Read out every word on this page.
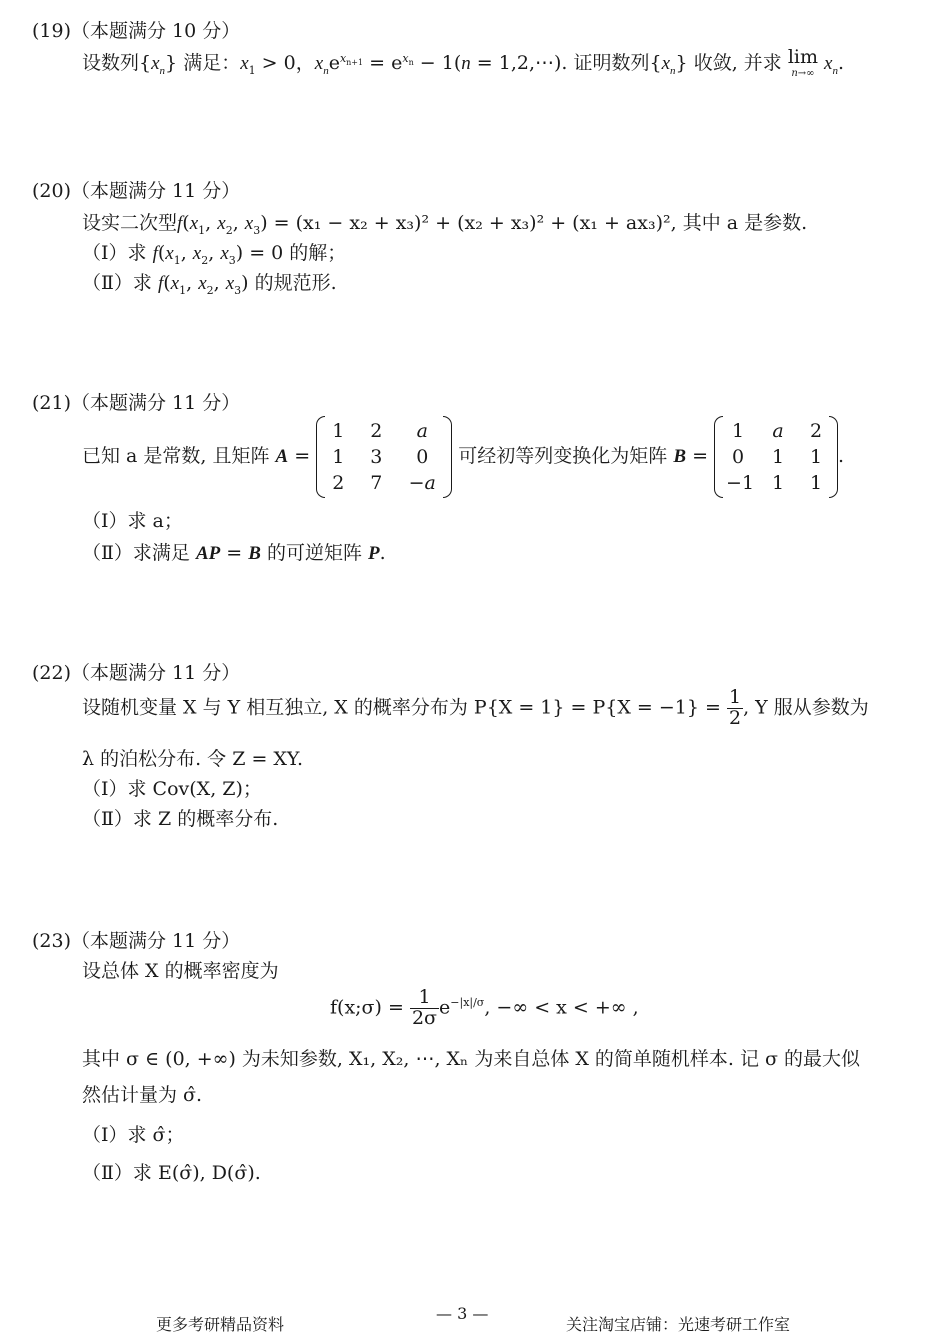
(19)（本题满分 10 分）
设数列$\{x_n\}$ 满足：$x_1 > 0$，$x_ne^{x_{n+1}} = e^{x_n} - 1(n$ = 1,2,⋯). 证明数列$\{x_n\}$ 收敛, 并求 lim
n→∞ $x_n$.
(20)（本题满分 11 分）
设实二次型$f(x_1$, $x_2$, $x_3) = (x_1 - x_2 + x_3)^2 + (x_2 + x_3)^2 + (x_1 + ax_3)^2$, 其中 a 是参数.
（Ⅰ）求 $f(x_1$, $x_2$, $x_3) = 0$ 的解；
（Ⅱ）求 $f(x_1$, $x_2$, $x_3$) 的规范形.
(21)（本题满分 11 分）
已知 a 是常数, 且矩阵 A =
1 2	a
1 3	0
2 7 −a
可经初等列变换化为矩阵 B =
1	a 2
0	1 1
−1 1 1
.
（Ⅰ）求 a；
（Ⅱ）求满足 AP = B 的可逆矩阵 P.
(22)（本题满分 11 分）
设随机变量 X 与 Y 相互独立, X 的概率分布为 $P\{X = 1\} = P\{X = -1\} = \frac{1}{2}$ , Y 服从参数为
λ 的泊松分布. 令 Z = XY.
（Ⅰ）求 Cov(X, Z)；
（Ⅱ）求 Z 的概率分布.
(23)（本题满分 11 分）
设总体 X 的概率密度为
f(x;σ) = $\frac{1}{2\sigma} e^{-|x|/\sigma}$, −∞ < x < +∞ ,
其中 σ ∈ (0, +∞) 为未知参数, X₁, X₂, ⋯, Xₙ 为来自总体 X 的简单随机样本. 记 σ 的最大似
然估计量为 σ̂.
（Ⅰ）求 σ̂；
（Ⅱ）求 E(σ̂), D(σ̂).
更多考研精品资料
— 3 —
关注淘宝店铺：光速考研工作室
